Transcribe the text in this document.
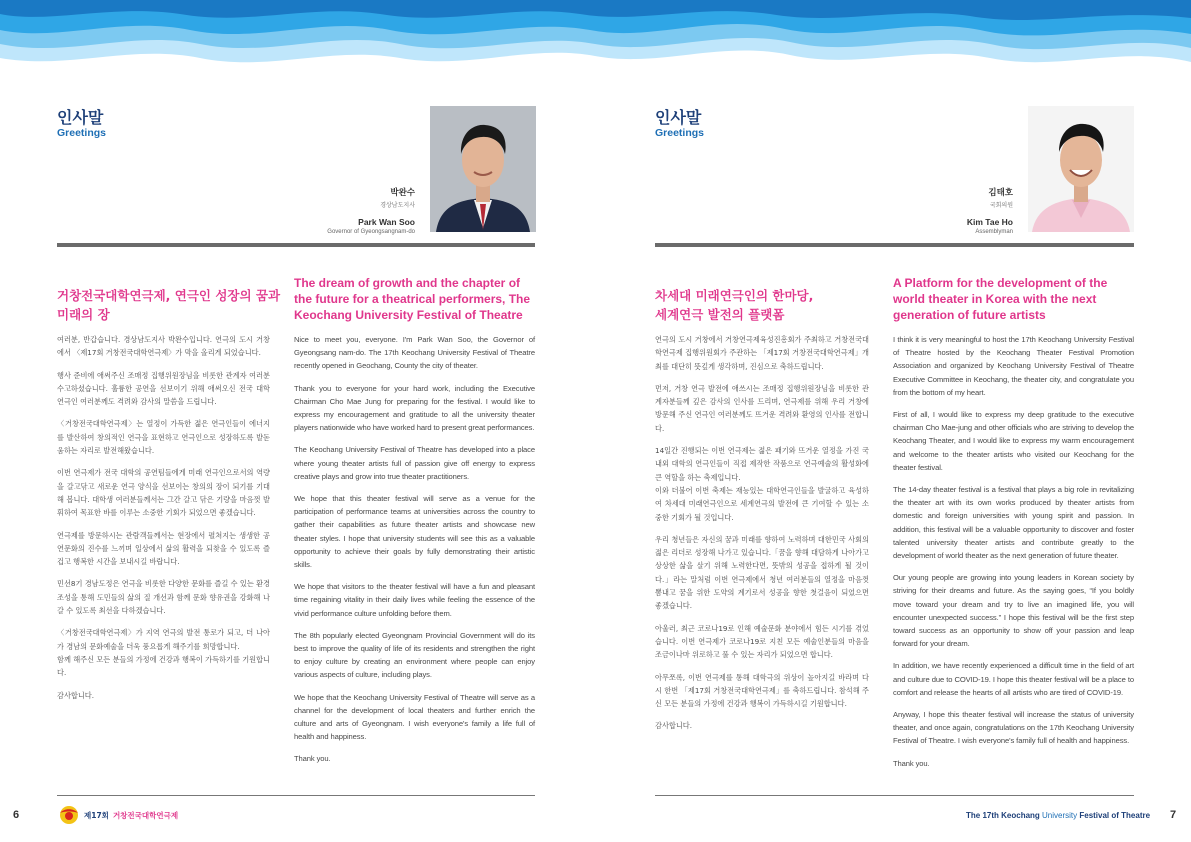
인사말
Greetings
박완수
경상남도지사
Park Wan Soo
Governor of Gyeongsangnam-do
거창전국대학연극제, 연극인 성장의 꿈과 미래의 장
The dream of growth and the chapter of the future for a theatrical performers, The Keochang University Festival of Theatre

여러분, 반갑습니다. 경상남도지사 박완수입니다. 연극의 도시 거창에서 〈제17회 거창전국대학연극제〉가 막을 올리게 되었습니다.

행사 준비에 애써주신 조매정 집행위원장님을 비롯한 관계자 여러분 수고하셨습니다. 훌륭한 공연을 선보이기 위해 애써오신 전국 대학 연극인 여러분께도 격려와 감사의 말씀을 드립니다.

〈거창전국대학연극제〉는 열정이 가득한 젊은 연극인들이 에너지를 발산하여 창의적인 연극을 표현하고 연극인으로 성장하도록 발돋움하는 자리로 발전해왔습니다.

이번 연극제가 전국 대학의 공연팀들에게 미래 연극인으로서의 역량을 갈고닦고 새로운 연극 양식을 선보이는 창의의 장이 되기를 기대해 봅니다. 대학생 여러분들께서는 그간 갈고 닦은 기량을 마음껏 발휘하여 목표한 바를 이루는 소중한 기회가 되었으면 좋겠습니다.

연극제를 방문하시는 관람객들께서는 현장에서 펼쳐지는 생생한 공연문화의 진수를 느끼며 일상에서 삶의 활력을 되찾을 수 있도록 즐겁고 행복한 시간을 보내시길 바랍니다.

민선8기 경남도정은 연극을 비롯한 다양한 문화를 즐길 수 있는 환경 조성을 통해 도민들의 삶의 질 개선과 함께 문화 향유권을 강화해 나갈 수 있도록 최선을 다하겠습니다.

〈거창전국대학연극제〉가 지역 연극의 발전 통로가 되고, 더 나아가 경남의 문화예술을 더욱 풍요롭게 해주기를 희망합니다.
함께 해주신 모든 분들의 가정에 건강과 행복이 가득하기를 기원합니다.

감사합니다.

Nice to meet you, everyone. I'm Park Wan Soo, the Governor of Gyeongsang nam-do. The 17th Keochang University Festival of Theatre recently opened in Geochang, County the city of theater.

Thank you to everyone for your hard work, including the Executive Chairman Cho Mae Jung for preparing for the festival. I would like to express my encouragement and gratitude to all the university theater players nationwide who have worked hard to present great performances.

The Keochang University Festival of Theatre has developed into a place where young theater artists full of passion give off energy to express creative plays and grow into true theater practitioners.

We hope that this theater festival will serve as a venue for the participation of performance teams at universities across the country to gather their capabilities as future theater artists and showcase new theater styles. I hope that university students will see this as a valuable opportunity to achieve their goals by fully demonstrating their artistic skills.

We hope that visitors to the theater festival will have a fun and pleasant time regaining vitality in their daily lives while feeling the essence of the vivid performance culture unfolding before them.

The 8th popularly elected Gyeongnam Provincial Government will do its best to improve the quality of life of its residents and strengthen the right to enjoy culture by creating an environment where people can enjoy various aspects of culture, including plays.

We hope that the Keochang University Festival of Theatre will serve as a channel for the development of local theaters and further enrich the culture and arts of Gyeongnam. I wish everyone's family a life full of health and happiness.

Thank you.

6	제17회 거창전국대학연극제
인사말
Greetings
김태호
국회의원
Kim Tae Ho
Assemblyman
차세대 미래연극인의 한마당,
세계연극 발전의 플랫폼
A Platform for the development of the world theater in Korea with the next generation of future artists

연극의 도시 거창에서 거창연극제육성진흥회가 주최하고 거창전국대학연극제 집행위원회가 주관하는 「제17회 거창전국대학연극제」개최를 대단히 뜻깊게 생각하며, 진심으로 축하드립니다.

먼저, 거창 연극 발전에 애쓰시는 조매정 집행위원장님을 비롯한 관계자분들께 깊은 감사의 인사를 드리며, 연극제를 위해 우리 거창에 방문해 주신 연극인 여러분께도 뜨거운 격려와 환영의 인사를 전합니다.

14일간 진행되는 이번 연극제는 젊은 패기와 뜨거운 열정을 가진 국내외 대학의 연극인들이 직접 제작한 작품으로 연극예술의 활성화에 큰 역할을 하는 축제입니다.
이와 더불어 이번 축제는 재능있는 대학연극인들을 발굴하고 육성하여 차세대 미래연극인으로 세계연극의 발전에 큰 기여할 수 있는 소중한 기회가 될 것입니다.

우리 청년들은 자신의 꿈과 미래를 향하여 노력하며 대한민국 사회의 젊은 리더로 성장해 나가고 있습니다.「꿈을 향해 대담하게 나아가고 상상한 삶을 살기 위해 노력한다면, 뜻밖의 성공을 접하게 될 것이다.」라는 말처럼 이번 연극제에서 청년 여러분들의 열정을 마음껏 뽐내고 꿈을 위한 도약의 계기로서 성공을 향한 첫걸음이 되었으면 좋겠습니다.

아울러, 최근 코로나19로 인해 예술문화 분야에서 힘든 시기를 겪었습니다. 이번 연극제가 코로나19로 지친 모든 예술인분들의 마음을 조금이나마 위로하고 풀 수 있는 자리가 되었으면 합니다.

아무쪼록, 이번 연극제를 통해 대학극의 위상이 높아지길 바라며 다시 한번 「제17회 거창전국대학연극제」를 축하드립니다. 참석해 주신 모든 분들의 가정에 건강과 행복이 가득하시길 기원합니다.

감사합니다.

I think it is very meaningful to host the 17th Keochang University Festival of Theatre hosted by the Keochang Theater Festival Promotion Association and organized by Keochang University Festival of Theatre Executive Committee in Keochang, the theater city, and congratulate you from the bottom of my heart.

First of all, I would like to express my deep gratitude to the executive chairman Cho Mae-jung and other officials who are striving to develop the Keochang Theater, and I would like to express my warm encouragement and welcome to the theater artists who visited our Keochang for the theater festival.

The 14-day theater festival is a festival that plays a big role in revitalizing the theater art with its own works produced by theater artists from domestic and foreign universities with young spirit and passion. In addition, this festival will be a valuable opportunity to discover and foster talented university theater artists and contribute greatly to the development of world theater as the next generation of future theater.

Our young people are growing into young leaders in Korean society by striving for their dreams and future. As the saying goes, “If you boldly move toward your dream and try to live an imagined life, you will encounter unexpected success.” I hope this festival will be the first step toward success as an opportunity to show off your passion and leap forward for your dream.

In addition, we have recently experienced a difficult time in the field of art and culture due to COVID-19. I hope this theater festival will be a place to comfort and release the hearts of all artists who are tired of COVID-19.

Anyway, I hope this theater festival will increase the status of university theater, and once again, congratulations on the 17th Keochang University Festival of Theatre. I wish everyone's family full of health and happiness.

Thank you.

The 17th Keochang University Festival of Theatre 7
